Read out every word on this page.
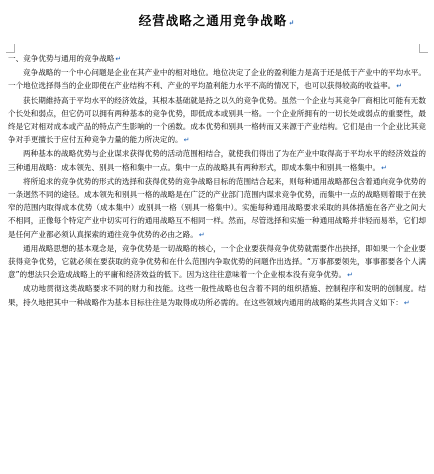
经营战略之通用竞争战略↵

一、竞争优势与通用的竞争战略↵

竞争战略的一个中心问题是企业在其产业中的相对地位。地位决定了企业的盈利能力是高于还是低于产业中的平均水平。一个地位选择得当的企业即使在产业结构不利、产业的平均盈利能力水平不高的情况下，也可以获得较高的收益率。↵

获长期維持高于平均水平的经济效益，其根本基础就是持之以久的竞争优势。虽然一个企业与其竞争厂商相比可能有无数个长处和弱点，但它仍可以拥有两种基本的竞争优势，即低成本或别具一格。一个企业所拥有的一切长处或弱点的重要性，最终是它对相对成本或产品的特点产生影响的一个函数。成本优势和别具一格转而又来源于产业结构。它们是由一个企业比其竞争对手更擅长于应付五种竞争力量的能力所决定的。↵

两种基本的战略优势与企业谋求获得优势的活动范围相结合，就使我们得出了为在产业中取得高于平均水平的经济效益的三种通用战略：成本领先、别具一格和集中一点。集中一点的战略具有两种形式，即成本集中和别具一格集中。↵

将所追求的竞争优势的形式的选择和获得优势的竞争战略目标的范围结合起来，则每种通用战略都包含着通向竞争优势的一条迥然不同的途径。成本领先和别具一格的战略是在广泛的产业部门范围内谋求竞争优势，而集中一点的战略则着眼于在狭窄的范围内取得成本优势（成本集中）或别具一格（别具一格集中）。实施每种通用战略要求采取的具体措施在各产业之间大不相同，正像每个特定产业中切实可行的通用战略互不相同一样。然而，尽管选择和实施一种通用战略并非轻而易举，它们却是任何产业都必须认真探索的通往竞争优势的必由之路。↵

通用战略思想的基本观念是，竞争优势是一切战略的核心，一个企业要获得竞争优势就需要作出抉择，即如果一个企业要获得竞争优势，它就必须在要获取的竞争优势和在什么范围内争取优势的问题作出选择。“万事都要领先，事事都要各个人满意”的想法只会造成战略上的平庸和经济效益的低下。因为这往往意味着一个企业根本没有竞争优势。↵

成功地贯彻这类战略要求不同的财力和技能。这些一般性战略也包含着不同的组织措施、控制程序和发明的创制度。结果，持久地把其中一种战略作为基本目标往往是为取得成功所必需的。在这些领域内通用的战略的某些共同含义如下：↵
